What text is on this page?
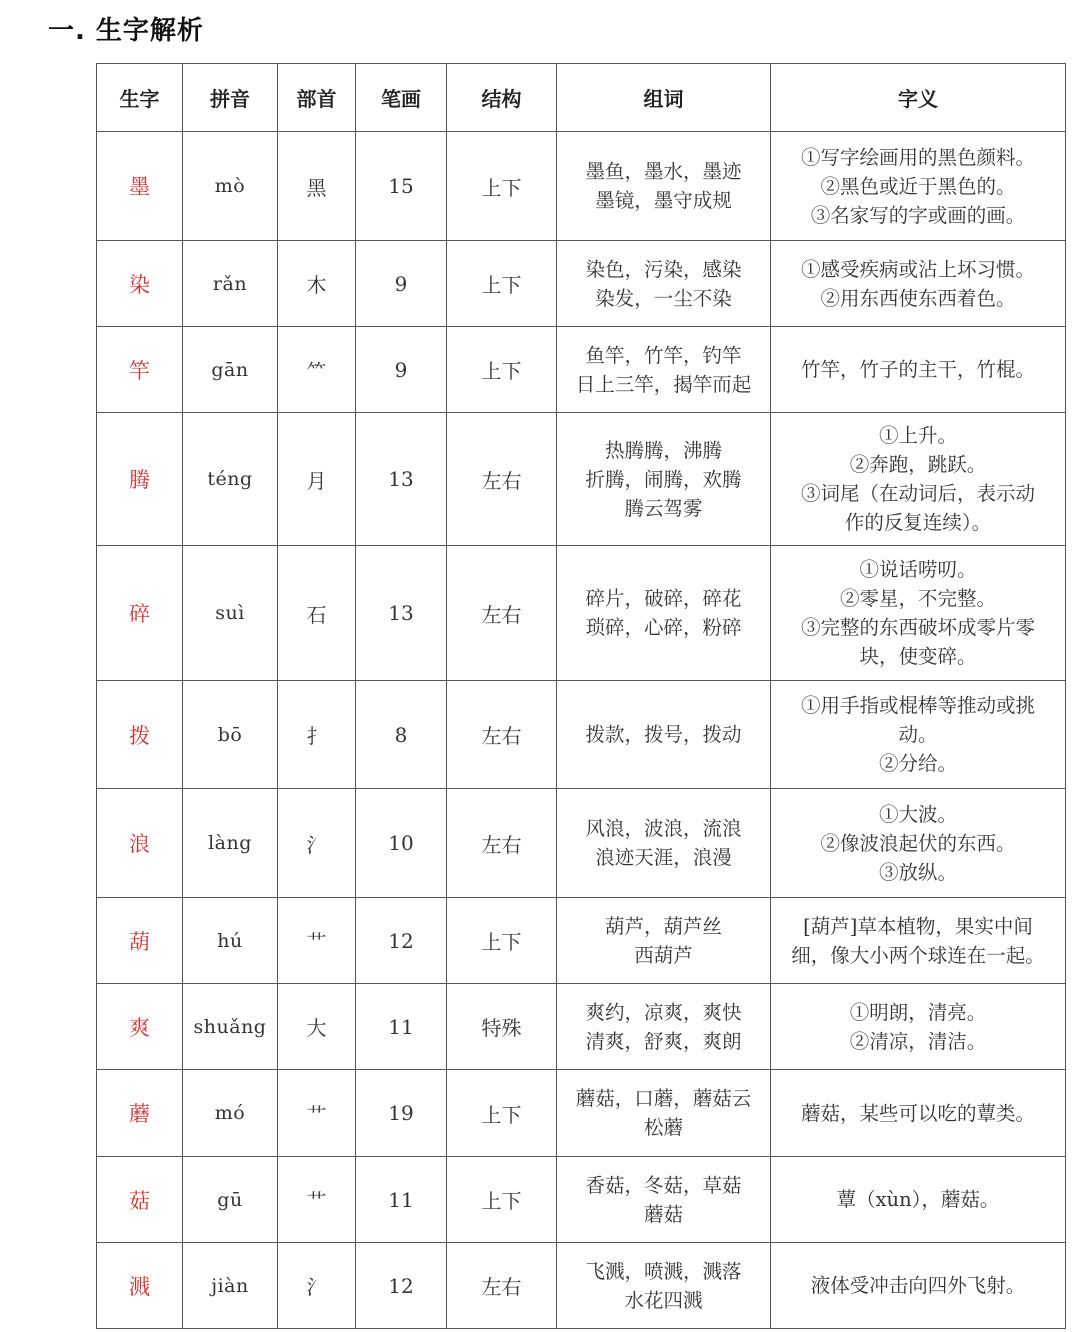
一. 生字解析
生字	拼音	部首	笔画	结构	组词	字义
墨	mò	黑	15	上下	墨鱼，墨水，墨迹
墨镜，墨守成规	①写字绘画用的黑色颜料。
②黑色或近于黑色的。
③名家写的字或画的画。

染	rǎn	木	9	上下	染色，污染，感染
染发，一尘不染	①感受疾病或沾上坏习惯。
②用东西使东西着色。

竿	gān	⺮	9	上下	鱼竿，竹竿，钓竿
日上三竿，揭竿而起	竹竿，竹子的主干，竹棍。

腾	téng	月	13	左右	热腾腾，沸腾
折腾，闹腾，欢腾
腾云驾雾	①上升。
②奔跑，跳跃。
③词尾（在动词后，表示动
作的反复连续）。

碎	suì	石	13	左右	碎片，破碎，碎花
琐碎，心碎，粉碎	①说话唠叨。
②零星，不完整。
③完整的东西破坏成零片零
块，使变碎。

拨	bō	扌	8	左右	拨款，拨号，拨动	①用手指或棍棒等推动或挑
动。
②分给。

浪	làng	氵	10	左右	风浪，波浪，流浪
浪迹天涯，浪漫	①大波。
②像波浪起伏的东西。
③放纵。

葫	hú	艹	12	上下	葫芦，葫芦丝
西葫芦	[葫芦]草本植物，果实中间
细，像大小两个球连在一起。

爽	shuǎng	大	11	特殊	爽约，凉爽，爽快
清爽，舒爽，爽朗	①明朗，清亮。
②清凉，清洁。

蘑	mó	艹	19	上下	蘑菇，口蘑，蘑菇云
松蘑	蘑菇，某些可以吃的蕈类。

菇	gū	艹	11	上下	香菇，冬菇，草菇
蘑菇	蕈（xùn），蘑菇。

溅	jiàn	氵	12	左右	飞溅，喷溅，溅落
水花四溅	液体受冲击向四外飞射。
